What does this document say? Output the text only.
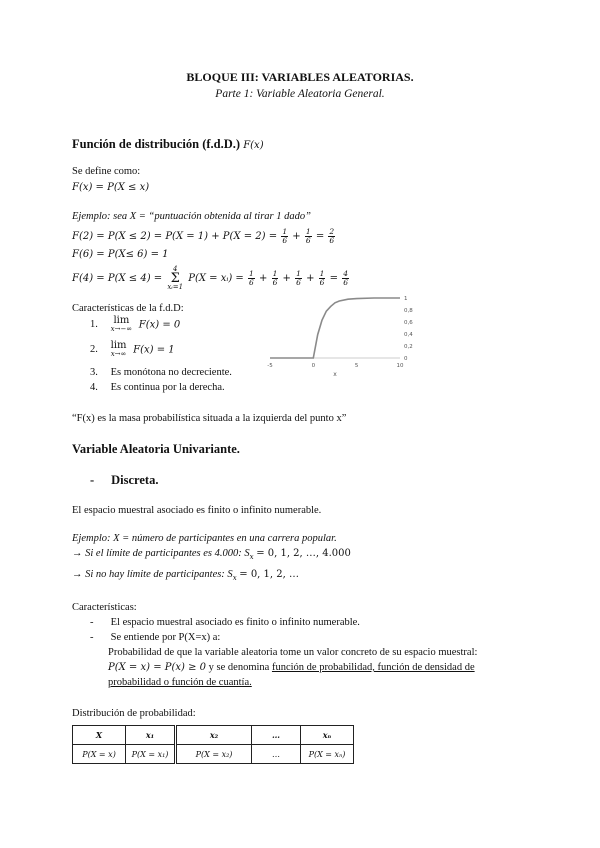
BLOQUE III: VARIABLES ALEATORIAS.
Parte 1: Variable Aleatoria General.
Función de distribución (f.d.D.) F(x)
Se define como:
F(x) = P(X ≤ x)
Ejemplo: sea X = “puntuación obtenida al tirar 1 dado”
$F(2) = P(X \le 2) = P(X = 1) + P(X = 2) = \frac{1}{6} + \frac{1}{6} = \frac{2}{6}$
F(6) = P(X≤ 6) = 1
F(4) = P(X ≤ 4) = 4
Σ
xᵢ=1 P(X = xᵢ) = $\frac{1}{6} + \frac{1}{6} + \frac{1}{6} + \frac{1}{6} = \frac{4}{6}$
Características de la f.d.D:
1. lim
x→−∞ F(x) = 0
2. lim
x→∞ F(x) = 1
3. Es monótona no decreciente.
4. Es continua por la derecha.
“F(x) es la masa probabilística situada a la izquierda del punto x”
-5	0	5	10
0
0,2
0,4
0,6
0,8
1
x
Variable Aleatoria Univariante.
- Discreta.
El espacio muestral asociado es finito o infinito numerable.
Ejemplo: X = número de participantes en una carrera popular.
→ Si el límite de participantes es 4.000: $S_x = 0$, 1, 2, …, 4.000
→ Si no hay límite de participantes: $S_x = 0$, 1, 2, …
Características:
- El espacio muestral asociado es finito o infinito numerable.
- Se entiende por P(X=x) a:
Probabilidad de que la variable aleatoria tome un valor concreto de su espacio muestral:
P(X = x) = P(x) ≥ 0 y se denomina función de probabilidad, función de densidad de
probabilidad o función de cuantía.
Distribución de probabilidad:
X	x₁	x₂	…	xₙ
P(X = x)	P(X = x₁)	P(X = x₂)	…	P(X = xₙ)
